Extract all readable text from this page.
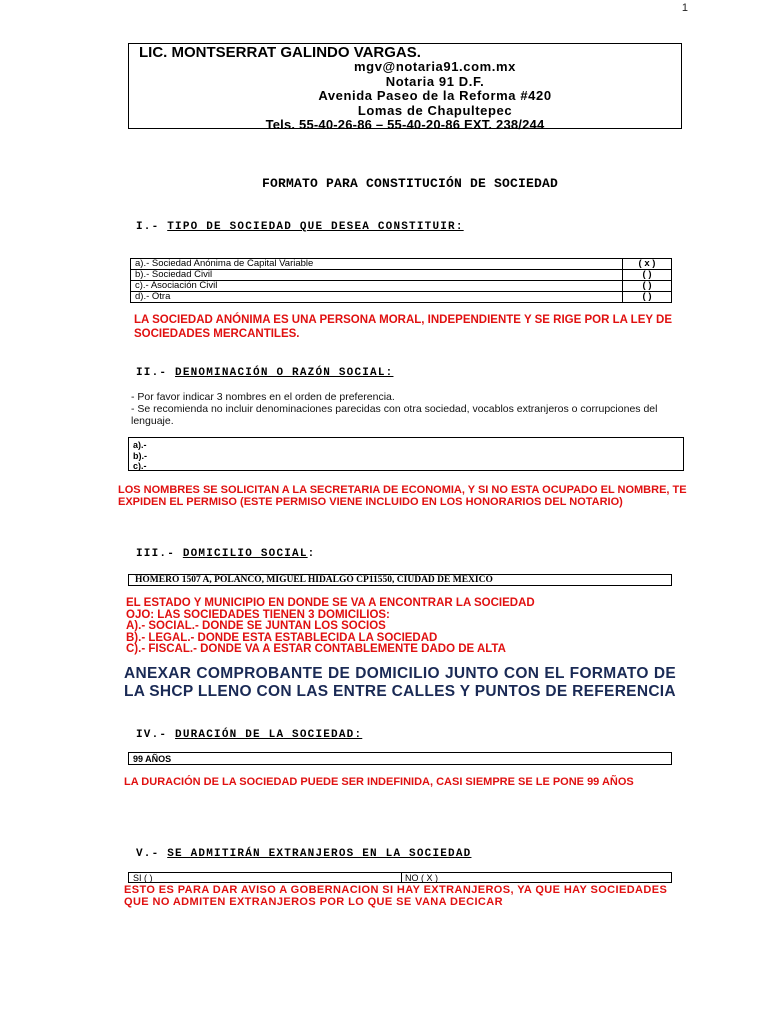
1
LIC. MONTSERRAT GALINDO VARGAS.
mgv@notaria91.com.mx
Notaria 91 D.F.
Avenida Paseo de la Reforma #420
Lomas de Chapultepec
Tels. 55-40-26-86 – 55-40-20-86 EXT. 238/244
FORMATO PARA CONSTITUCIÓN DE SOCIEDAD
I.- TIPO DE SOCIEDAD QUE DESEA CONSTITUIR:
a).- Sociedad Anónima de Capital Variable	( x )
b).- Sociedad Civil	( )
c).- Asociación Civil	( )
d).- Otra	( )
LA SOCIEDAD ANÓNIMA ES UNA PERSONA MORAL, INDEPENDIENTE Y SE RIGE POR LA LEY DE SOCIEDADES MERCANTILES.
II.- DENOMINACIÓN O RAZÓN SOCIAL:
- Por favor indicar 3 nombres en el orden de preferencia.
- Se recomienda no incluir denominaciones parecidas con otra sociedad, vocablos extranjeros o corrupciones del lenguaje.
a).-
b).-
c).-
LOS NOMBRES SE SOLICITAN A LA SECRETARIA DE ECONOMIA, Y SI NO ESTA OCUPADO EL NOMBRE, TE EXPIDEN EL PERMISO (ESTE PERMISO VIENE INCLUIDO EN LOS HONORARIOS DEL NOTARIO)
III.- DOMICILIO SOCIAL:
HOMERO 1507 A, POLANCO, MIGUEL HIDALGO CP11550, CIUDAD DE MEXICO
EL ESTADO Y MUNICIPIO EN DONDE SE VA A ENCONTRAR LA SOCIEDAD
OJO: LAS SOCIEDADES TIENEN 3 DOMICILIOS:
A).- SOCIAL.- DONDE SE JUNTAN LOS SOCIOS
B).- LEGAL.- DONDE ESTA ESTABLECIDA LA SOCIEDAD
C).- FISCAL.- DONDE VA A ESTAR CONTABLEMENTE DADO DE ALTA
ANEXAR COMPROBANTE DE DOMICILIO JUNTO CON EL FORMATO DE LA SHCP LLENO CON LAS ENTRE CALLES Y PUNTOS DE REFERENCIA
IV.- DURACIÓN DE LA SOCIEDAD:
99 AÑOS
LA DURACIÓN DE LA SOCIEDAD PUEDE SER INDEFINIDA, CASI SIEMPRE SE LE PONE 99 AÑOS
V.- SE ADMITIRÁN EXTRANJEROS EN LA SOCIEDAD
SI ( )	NO ( X )
ESTO ES PARA DAR AVISO A GOBERNACION SI HAY EXTRANJEROS, YA QUE HAY SOCIEDADES QUE NO ADMITEN EXTRANJEROS POR LO QUE SE VANA DECICAR
